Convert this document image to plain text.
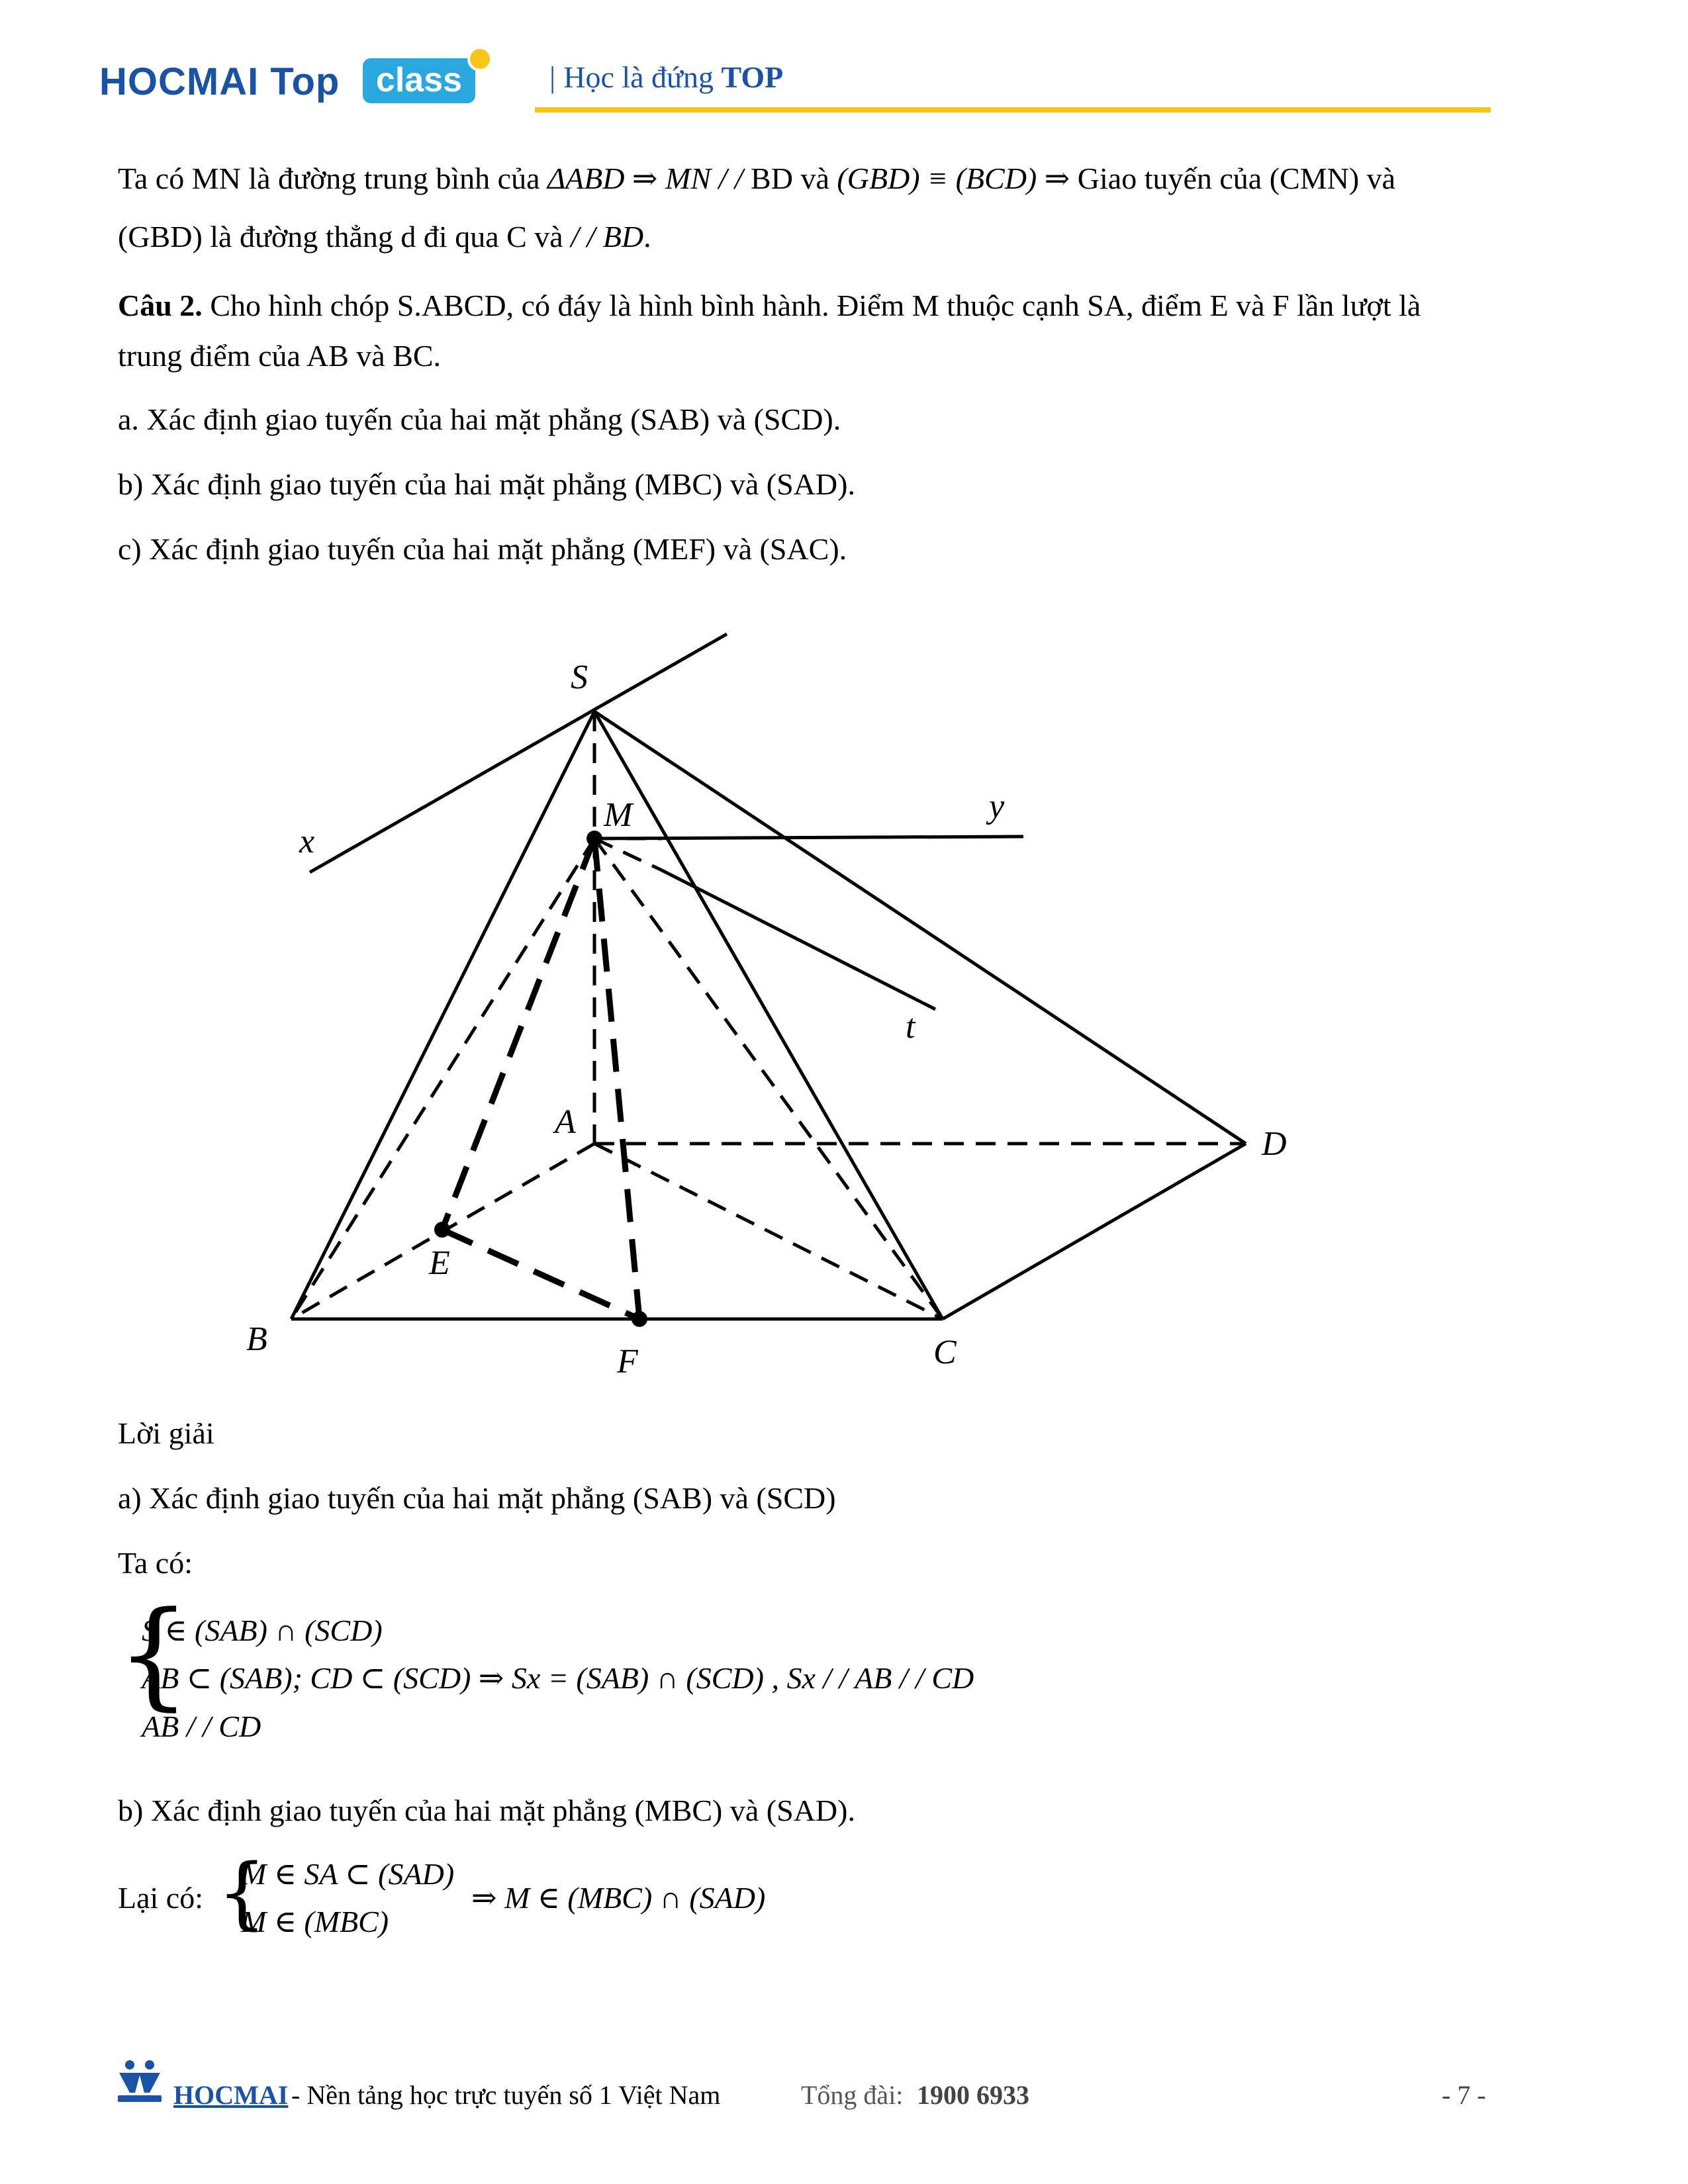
HOCMAI Top	class	| Học là đứng TOP
Ta có MN là đường trung bình của ΔABD ⇒ MN / / BD và (GBD) ≡ (BCD) ⇒ Giao tuyến của (CMN) và
(GBD) là đường thẳng d đi qua C và / / BD.
Câu 2. Cho hình chóp S.ABCD, có đáy là hình bình hành. Điểm M thuộc cạnh SA, điểm E và F lần lượt là
trung điểm của AB và BC.
a. Xác định giao tuyến của hai mặt phẳng (SAB) và (SCD).
b) Xác định giao tuyến của hai mặt phẳng (MBC) và (SAD).
c) Xác định giao tuyến của hai mặt phẳng (MEF) và (SAC).
S
M
x
y
t
A
D
E
B
F	C
Lời giải
a) Xác định giao tuyến của hai mặt phẳng (SAB) và (SCD)
Ta có:
{
S ∈ (SAB) ∩ (SCD)
AB ⊂ (SAB); CD ⊂ (SCD) ⇒ Sx = (SAB) ∩ (SCD) , Sx / / AB / / CD
AB / / CD
b) Xác định giao tuyến của hai mặt phẳng (MBC) và (SAD).
Lại có: {
M ∈ SA ⊂ (SAD)
M ∈ (MBC)
⇒ M ∈ (MBC) ∩ (SAD)
HOCMAI - Nền tảng học trực tuyến số 1 Việt Nam	Tổng đài: 1900 6933	- 7 -
